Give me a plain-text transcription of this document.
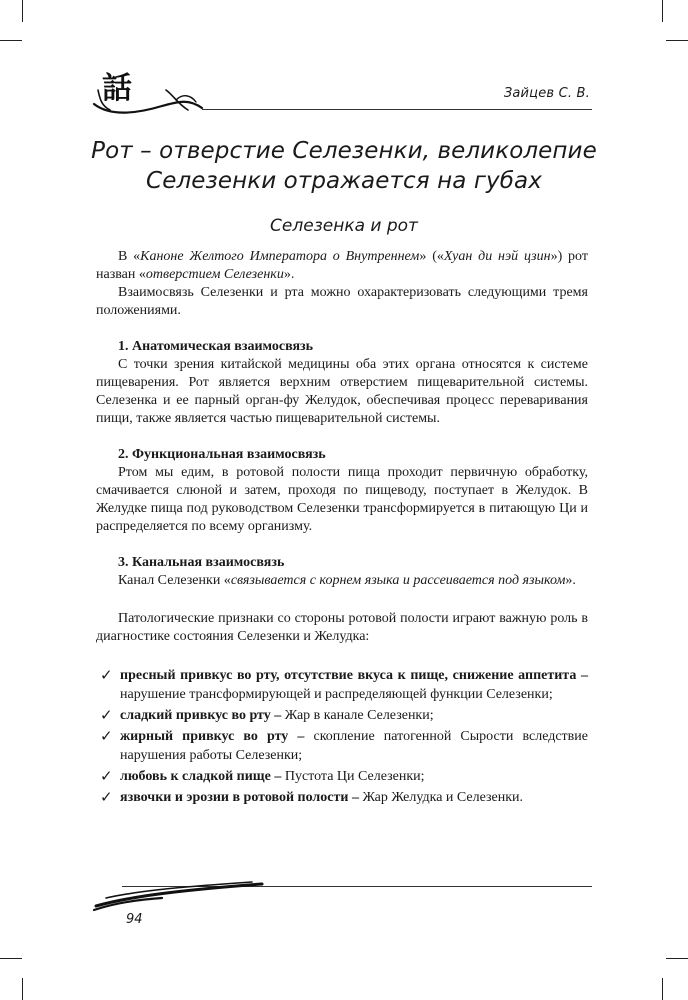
話	Зайцев С. В.
Рот – отверстие Селезенки, великолепие
Селезенки отражается на губах
Селезенка и рот

В «Каноне Желтого Императора о Внутреннем» («Хуан ди нэй цзин») рот назван «отверстием Селезенки».

Взаимосвязь Селезенки и рта можно охарактеризовать следующими тремя положениями.

1. Анатомическая взаимосвязь

С точки зрения китайской медицины оба этих органа относятся к системе пищеварения. Рот является верхним отверстием пищеварительной системы. Селезенка и ее парный орган-фу Желудок, обеспечивая процесс переваривания пищи, также является частью пищеварительной системы.

2. Функциональная взаимосвязь

Ртом мы едим, в ротовой полости пища проходит первичную обработку, смачивается слюной и затем, проходя по пищеводу, поступает в Желудок. В Желудке пища под руководством Селезенки трансформируется в питающую Ци и распределяется по всему организму.

3. Канальная взаимосвязь

Канал Селезенки «связывается с корнем языка и рассеивается под языком».

Патологические признаки со стороны ротовой полости играют важную роль в диагностике состояния Селезенки и Желудка:

✓ пресный привкус во рту, отсутствие вкуса к пище, снижение аппетита – нарушение трансформирующей и распределяющей функции Селезенки;
✓ сладкий привкус во рту – Жар в канале Селезенки;
✓ жирный привкус во рту – скопление патогенной Сырости вследствие нарушения работы Селезенки;
✓ любовь к сладкой пище – Пустота Ци Селезенки;
✓ язвочки и эрозии в ротовой полости – Жар Желудка и Селезенки.
94
